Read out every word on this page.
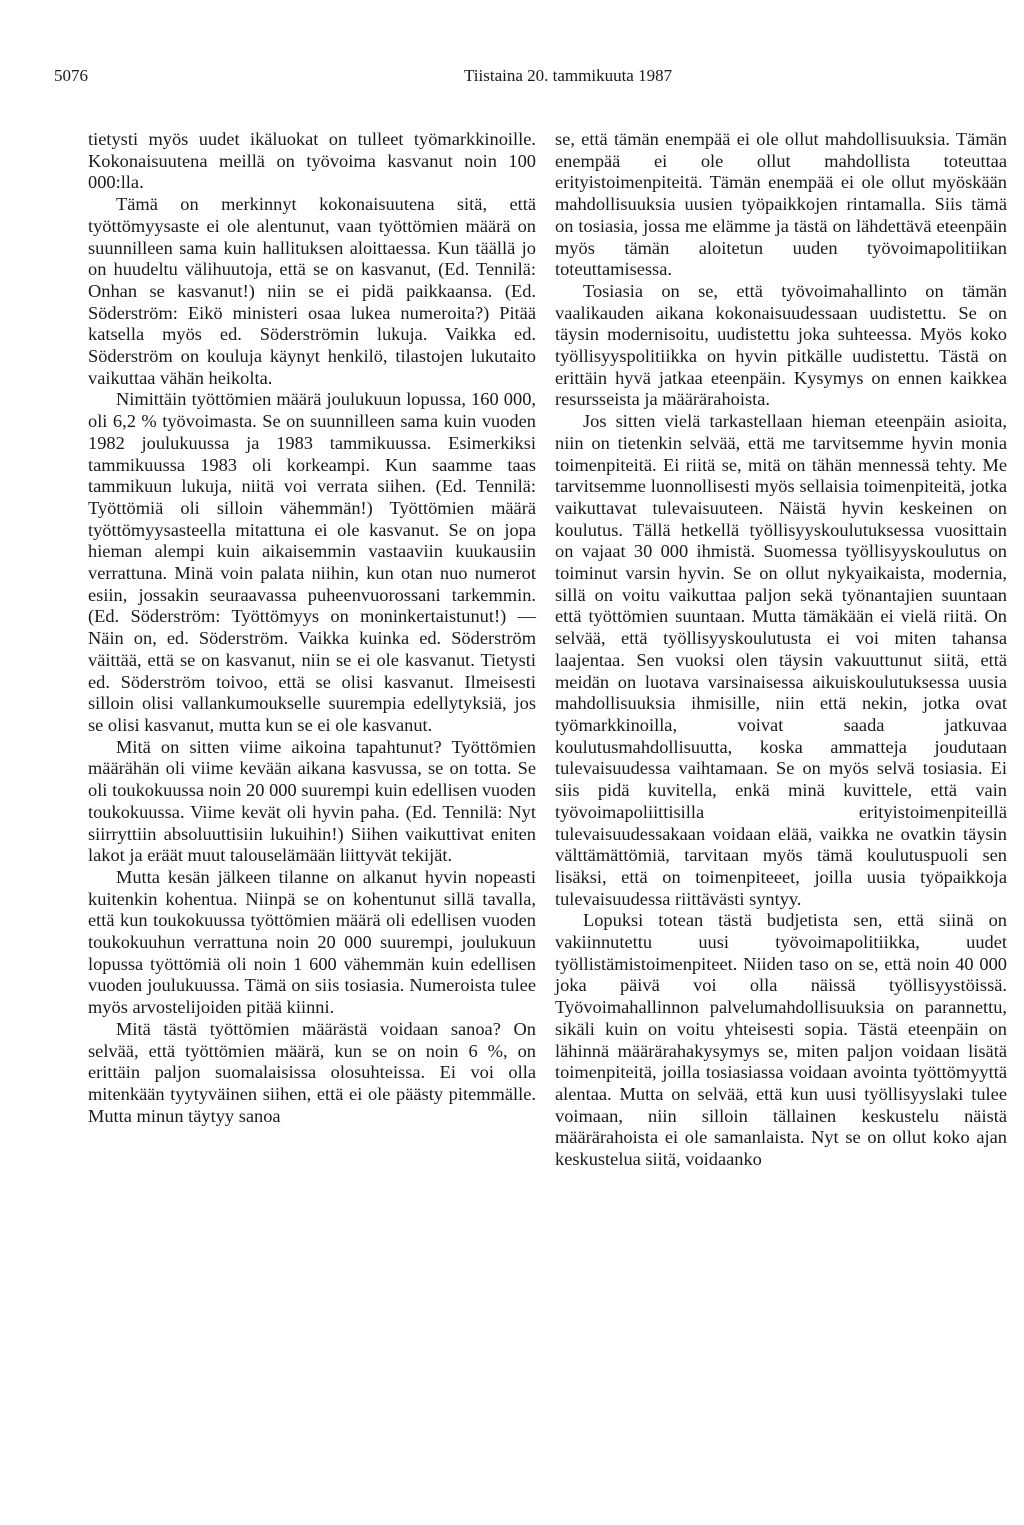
5076	Tiistaina 20. tammikuuta 1987

tietysti myös uudet ikäluokat on tulleet työmarkkinoille. Kokonaisuutena meillä on työvoima kasvanut noin 100 000:lla.

Tämä on merkinnyt kokonaisuutena sitä, että työttömyysaste ei ole alentunut, vaan työttömien määrä on suunnilleen sama kuin hallituksen aloittaessa. Kun täällä jo on huudeltu välihuutoja, että se on kasvanut, (Ed. Tennilä: Onhan se kasvanut!) niin se ei pidä paikkaansa. (Ed. Söderström: Eikö ministeri osaa lukea numeroita?) Pitää katsella myös ed. Söderströmin lukuja. Vaikka ed. Söderström on kouluja käynyt henkilö, tilastojen lukutaito vaikuttaa vähän heikolta.

Nimittäin työttömien määrä joulukuun lopussa, 160 000, oli 6,2 % työvoimasta. Se on suunnilleen sama kuin vuoden 1982 joulukuussa ja 1983 tammikuussa. Esimerkiksi tammikuussa 1983 oli korkeampi. Kun saamme taas tammikuun lukuja, niitä voi verrata siihen. (Ed. Tennilä: Työttömiä oli silloin vähemmän!) Työttömien määrä työttömyysasteella mitattuna ei ole kasvanut. Se on jopa hieman alempi kuin aikaisemmin vastaaviin kuukausiin verrattuna. Minä voin palata niihin, kun otan nuo numerot esiin, jossakin seuraavassa puheenvuorossani tarkemmin. (Ed. Söderström: Työttömyys on moninkertaistunut!) — Näin on, ed. Söderström. Vaikka kuinka ed. Söderström väittää, että se on kasvanut, niin se ei ole kasvanut. Tietysti ed. Söderström toivoo, että se olisi kasvanut. Ilmeisesti silloin olisi vallankumoukselle suurempia edellytyksiä, jos se olisi kasvanut, mutta kun se ei ole kasvanut.

Mitä on sitten viime aikoina tapahtunut? Työttömien määrähän oli viime kevään aikana kasvussa, se on totta. Se oli toukokuussa noin 20 000 suurempi kuin edellisen vuoden toukokuussa. Viime kevät oli hyvin paha. (Ed. Tennilä: Nyt siirryttiin absoluuttisiin lukuihin!) Siihen vaikuttivat eniten lakot ja eräät muut talouselämään liittyvät tekijät.

Mutta kesän jälkeen tilanne on alkanut hyvin nopeasti kuitenkin kohentua. Niinpä se on kohentunut sillä tavalla, että kun toukokuussa työttömien määrä oli edellisen vuoden toukokuuhun verrattuna noin 20 000 suurempi, joulukuun lopussa työttömiä oli noin 1 600 vähemmän kuin edellisen vuoden joulukuussa. Tämä on siis tosiasia. Numeroista tulee myös arvostelijoiden pitää kiinni.

Mitä tästä työttömien määrästä voidaan sanoa? On selvää, että työttömien määrä, kun se on noin 6 %, on erittäin paljon suomalaisissa olosuhteissa. Ei voi olla mitenkään tyytyväinen siihen, että ei ole päästy pitemmälle. Mutta minun täytyy sanoa

se, että tämän enempää ei ole ollut mahdollisuuksia. Tämän enempää ei ole ollut mahdollista toteuttaa erityistoimenpiteitä. Tämän enempää ei ole ollut myöskään mahdollisuuksia uusien työpaikkojen rintamalla. Siis tämä on tosiasia, jossa me elämme ja tästä on lähdettävä eteenpäin myös tämän aloitetun uuden työvoimapolitiikan toteuttamisessa.

Tosiasia on se, että työvoimahallinto on tämän vaalikauden aikana kokonaisuudessaan uudistettu. Se on täysin modernisoitu, uudistettu joka suhteessa. Myös koko työllisyyspolitiikka on hyvin pitkälle uudistettu. Tästä on erittäin hyvä jatkaa eteenpäin. Kysymys on ennen kaikkea resursseista ja määrärahoista.

Jos sitten vielä tarkastellaan hieman eteenpäin asioita, niin on tietenkin selvää, että me tarvitsemme hyvin monia toimenpiteitä. Ei riitä se, mitä on tähän mennessä tehty. Me tarvitsemme luonnollisesti myös sellaisia toimenpiteitä, jotka vaikuttavat tulevaisuuteen. Näistä hyvin keskeinen on koulutus. Tällä hetkellä työllisyyskoulutuksessa vuosittain on vajaat 30 000 ihmistä. Suomessa työllisyyskoulutus on toiminut varsin hyvin. Se on ollut nykyaikaista, modernia, sillä on voitu vaikuttaa paljon sekä työnantajien suuntaan että työttömien suuntaan. Mutta tämäkään ei vielä riitä. On selvää, että työllisyyskoulutusta ei voi miten tahansa laajentaa. Sen vuoksi olen täysin vakuuttunut siitä, että meidän on luotava varsinaisessa aikuiskoulutuksessa uusia mahdollisuuksia ihmisille, niin että nekin, jotka ovat työmarkkinoilla, voivat saada jatkuvaa koulutusmahdollisuutta, koska ammatteja joudutaan tulevaisuudessa vaihtamaan. Se on myös selvä tosiasia. Ei siis pidä kuvitella, enkä minä kuvittele, että vain työvoimapoliittisilla erityistoimenpiteillä tulevaisuudessakaan voidaan elää, vaikka ne ovatkin täysin välttämättömiä, tarvitaan myös tämä koulutuspuoli sen lisäksi, että on toimenpiteeet, joilla uusia työpaikkoja tulevaisuudessa riittävästi syntyy.

Lopuksi totean tästä budjetista sen, että siinä on vakiinnutettu uusi työvoimapolitiikka, uudet työllistämistoimenpiteet. Niiden taso on se, että noin 40 000 joka päivä voi olla näissä työllisyystöissä. Työvoimahallinnon palvelumahdollisuuksia on parannettu, sikäli kuin on voitu yhteisesti sopia. Tästä eteenpäin on lähinnä määrärahakysymys se, miten paljon voidaan lisätä toimenpiteitä, joilla tosiasiassa voidaan avointa työttömyyttä alentaa. Mutta on selvää, että kun uusi työllisyyslaki tulee voimaan, niin silloin tällainen keskustelu näistä määrärahoista ei ole samanlaista. Nyt se on ollut koko ajan keskustelua siitä, voidaanko
